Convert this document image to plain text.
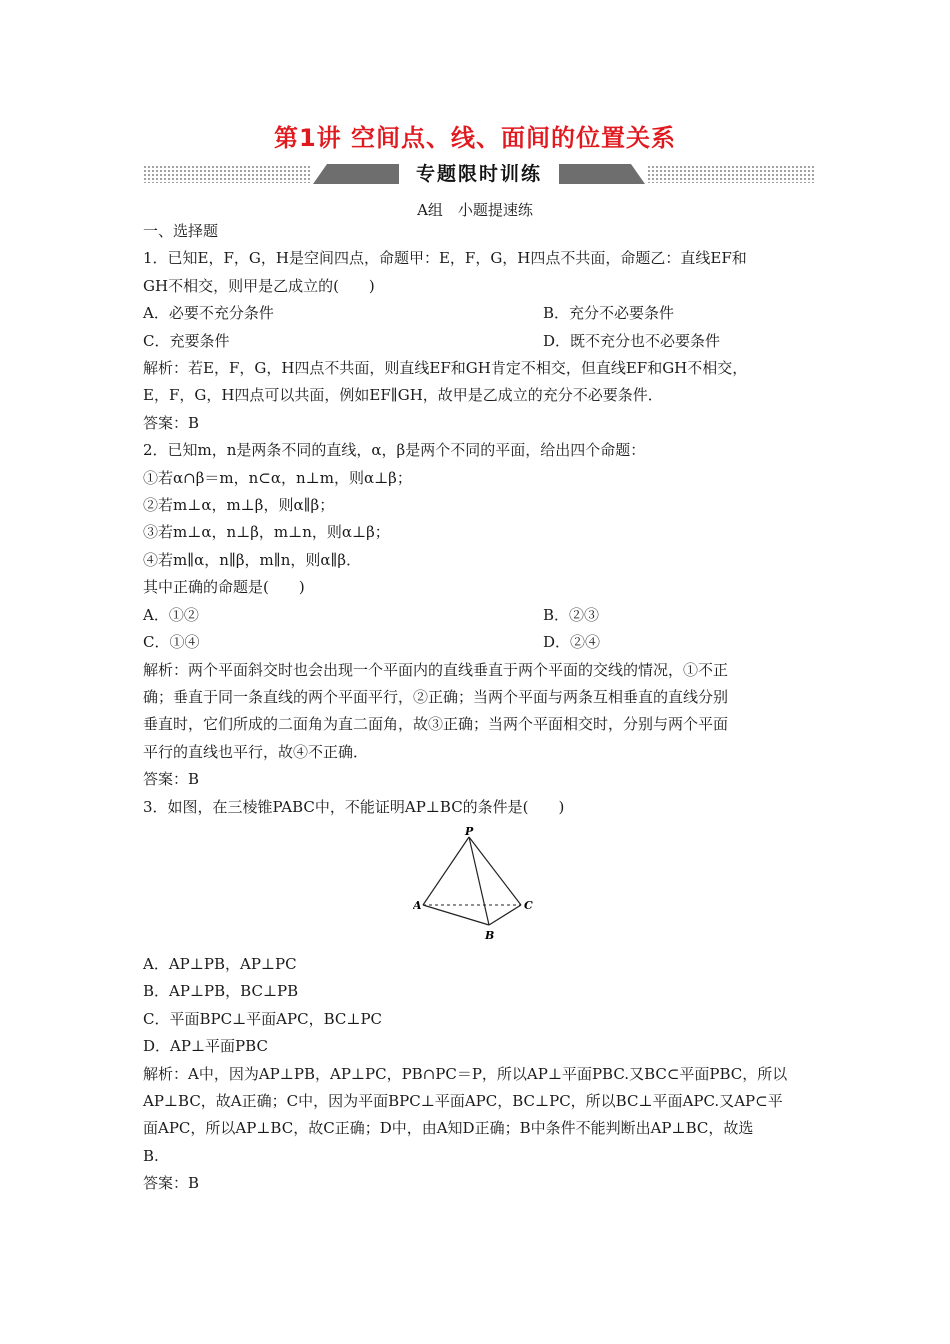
第1讲 空间点、线、面间的位置关系
专题限时训练
A组　小题提速练
一、选择题
1．已知E，F，G，H是空间四点，命题甲：E，F，G，H四点不共面，命题乙：直线EF和
GH不相交，则甲是乙成立的(　　)
A．必要不充分条件	B．充分不必要条件
C．充要条件	D．既不充分也不必要条件
解析：若E，F，G，H四点不共面，则直线EF和GH肯定不相交，但直线EF和GH不相交，
E，F，G，H四点可以共面，例如EF∥GH，故甲是乙成立的充分不必要条件．
答案：B
2．已知m，n是两条不同的直线，α，β是两个不同的平面，给出四个命题：
①若α∩β＝m，n⊂α，n⊥m，则α⊥β；
②若m⊥α，m⊥β，则α∥β；
③若m⊥α，n⊥β，m⊥n，则α⊥β；
④若m∥α，n∥β，m∥n，则α∥β．
其中正确的命题是(　　)
A．①②	B．②③
C．①④	D．②④
解析：两个平面斜交时也会出现一个平面内的直线垂直于两个平面的交线的情况，①不正
确；垂直于同一条直线的两个平面平行，②正确；当两个平面与两条互相垂直的直线分别
垂直时，它们所成的二面角为直二面角，故③正确；当两个平面相交时，分别与两个平面
平行的直线也平行，故④不正确．
答案：B
3．如图，在三棱锥PABC中，不能证明AP⊥BC的条件是(　　)
P
A
B
C
A．AP⊥PB，AP⊥PC
B．AP⊥PB，BC⊥PB
C．平面BPC⊥平面APC，BC⊥PC
D．AP⊥平面PBC
解析：A中，因为AP⊥PB，AP⊥PC，PB∩PC＝P，所以AP⊥平面PBC.又BC⊂平面PBC，所以
AP⊥BC，故A正确；C中，因为平面BPC⊥平面APC，BC⊥PC，所以BC⊥平面APC.又AP⊂平
面APC，所以AP⊥BC，故C正确；D中，由A知D正确；B中条件不能判断出AP⊥BC，故选
B.
答案：B
